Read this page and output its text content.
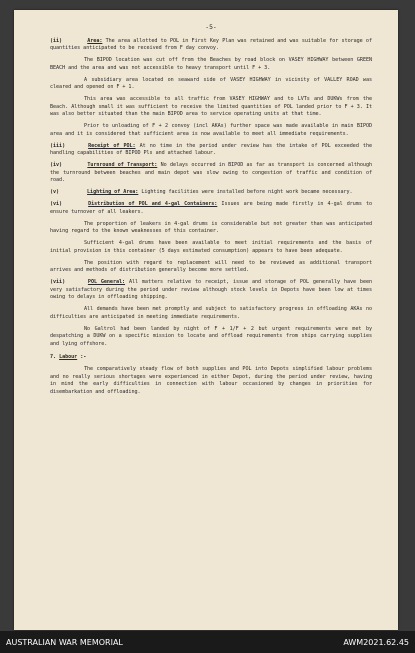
-5-

(ii)	Area: The area allotted to POL in First Key Plan was retained and was suitable for storage of quantities anticipated to be received from F day convoy.

The BIPOD location was cut off from the Beaches by road block on VASEY HIGHWAY between GREEN BEACH and the area and was not accessible to heavy transport until F + 3.

A subsidiary area located on seaward side of VASEY HIGHWAY in vicinity of VALLEY ROAD was cleared and opened on F + 1.

This area was accessible to all traffic from VASEY HIGHWAY and to LVTs and DUKWs from the Beach. Although small it was sufficient to receive the limited quantities of POL landed prior to F + 3. It was also better situated than the main BIPOD area to service operating units at that time.

Prior to unloading of F + 2 convoy (incl AKAs) further space was made available in main BIPOD area and it is considered that sufficient area is now available to meet all immediate requirements.

(iii)	Receipt of POL: At no time in the period under review has the intake of POL exceeded the handling capabilities of BIPOD Pls and attached labour.

(iv)	Turnround of Transport: No delays occurred in BIPOD as far as transport is concerned although the turnround between beaches and main depot was slow owing to congestion of traffic and condition of road.

(v)	Lighting of Area: Lighting facilities were installed before night work became necessary.

(vi)	Distribution of POL and 4-gal Containers: Issues are being made firstly in 4-gal drums to ensure turnover of all leakers.

The proportion of leakers in 4-gal drums is considerable but not greater than was anticipated having regard to the known weaknesses of this container.

Sufficient 4-gal drums have been available to meet initial requirements and the basis of initial provision in this container (5 days estimated consumption) appears to have been adequate.

The position with regard to replacement will need to be reviewed as additional transport arrives and methods of distribution generally become more settled.

(vii)	POL General: All matters relative to receipt, issue and storage of POL generally have been very satisfactory during the period under review although stock levels in Depots have been low at times owing to delays in offloading shipping.

All demands have been met promptly and subject to satisfactory progress in offloading AKAs no difficulties are anticipated in meeting immediate requirements.

No Galtrol had been landed by night of F + 1/F + 2 but urgent requirements were met by despatching a DUKW on a specific mission to locate and offload requirements from ships carrying supplies and lying offshore.

7. Labour :-

The comparatively steady flow of both supplies and POL into Depots simplified labour problems and no really serious shortages were experienced in either Depot, during the period under review, having in mind the early difficulties in connection with labour occasioned by changes in priorities for disembarkation and offloading.

AUSTRALIAN WAR MEMORIAL	AWM2021.62.45
